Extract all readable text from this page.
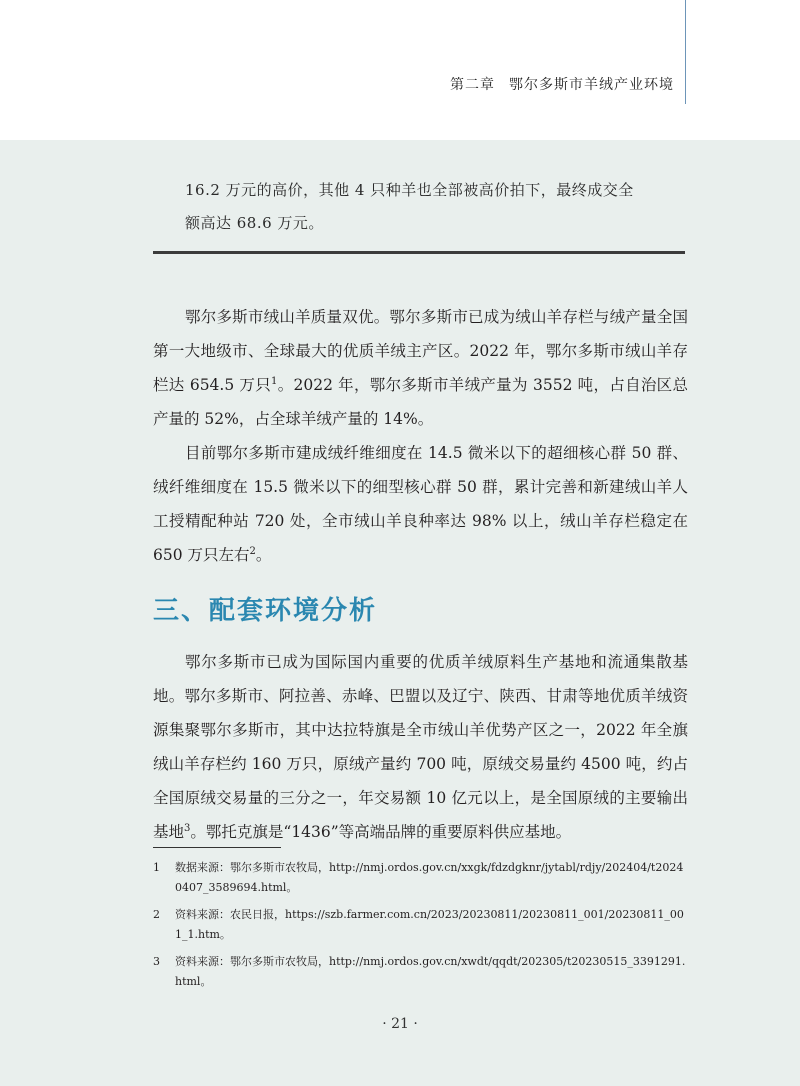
第二章 鄂尔多斯市羊绒产业环境

16.2 万元的高价，其他 4 只种羊也全部被高价拍下，最终成交全

额高达 68.6 万元。

鄂尔多斯市绒山羊质量双优。鄂尔多斯市已成为绒山羊存栏与绒产量全国第一大地级市、全球最大的优质羊绒主产区。2022 年，鄂尔多斯市绒山羊存栏达 654.5 万只$^1$。2022 年，鄂尔多斯市羊绒产量为 3552 吨，占自治区总产量的 52%，占全球羊绒产量的 14%。

目前鄂尔多斯市建成绒纤维细度在 14.5 微米以下的超细核心群 50 群、绒纤维细度在 15.5 微米以下的细型核心群 50 群，累计完善和新建绒山羊人工授精配种站 720 处，全市绒山羊良种率达 98% 以上，绒山羊存栏稳定在 650 万只左右$^2$。

三、配套环境分析

鄂尔多斯市已成为国际国内重要的优质羊绒原料生产基地和流通集散基地。鄂尔多斯市、阿拉善、赤峰、巴盟以及辽宁、陕西、甘肃等地优质羊绒资源集聚鄂尔多斯市，其中达拉特旗是全市绒山羊优势产区之一，2022 年全旗绒山羊存栏约 160 万只，原绒产量约 700 吨，原绒交易量约 4500 吨，约占全国原绒交易量的三分之一，年交易额 10 亿元以上，是全国原绒的主要输出基地$^3$。鄂托克旗是“1436”等高端品牌的重要原料供应基地。

1	数据来源：鄂尔多斯市农牧局，http://nmj.ordos.gov.cn/xxgk/fdzdgknr/jytabl/rdjy/202404/t20240407_3589694.html。
2	资料来源：农民日报，https://szb.farmer.com.cn/2023/20230811/20230811_001/20230811_001_1.htm。
3	资料来源：鄂尔多斯市农牧局，http://nmj.ordos.gov.cn/xwdt/qqdt/202305/t20230515_3391291.html。
· 21 ·
